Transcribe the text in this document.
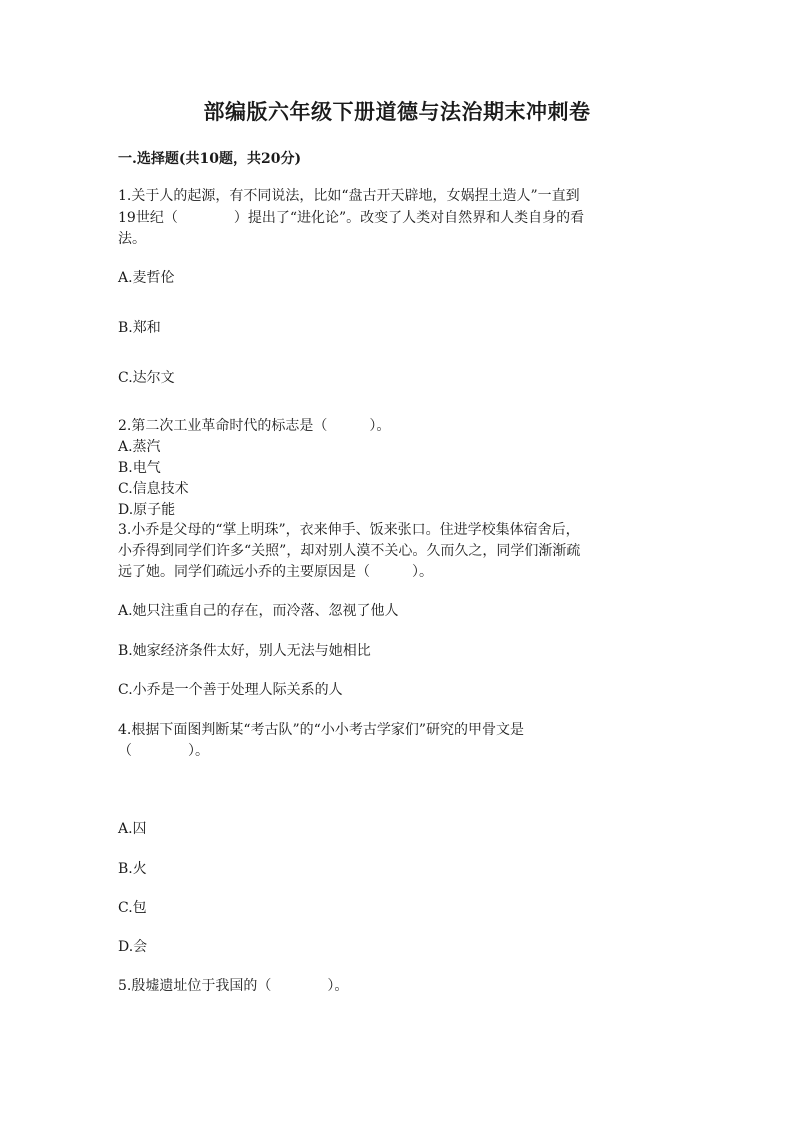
部编版六年级下册道德与法治期末冲刺卷
一.选择题(共10题，共20分)
1.关于人的起源，有不同说法，比如“盘古开天辟地，女娲捏土造人”一直到
19世纪（　　　　）提出了“进化论”。改变了人类对自然界和人类自身的看
法。
A.麦哲伦
B.郑和
C.达尔文
2.第二次工业革命时代的标志是（　　　）。
A.蒸汽
B.电气
C.信息技术
D.原子能
3.小乔是父母的“掌上明珠”，衣来伸手、饭来张口。住进学校集体宿舍后，
小乔得到同学们许多“关照”，却对别人漠不关心。久而久之，同学们渐渐疏
远了她。同学们疏远小乔的主要原因是（　　　）。
A.她只注重自己的存在，而冷落、忽视了他人
B.她家经济条件太好，别人无法与她相比
C.小乔是一个善于处理人际关系的人
4.根据下面图判断某“考古队”的“小小考古学家们”研究的甲骨文是
（　　　　）。
A.囚
B.火
C.包
D.会
5.殷墟遗址位于我国的（　　　　）。
